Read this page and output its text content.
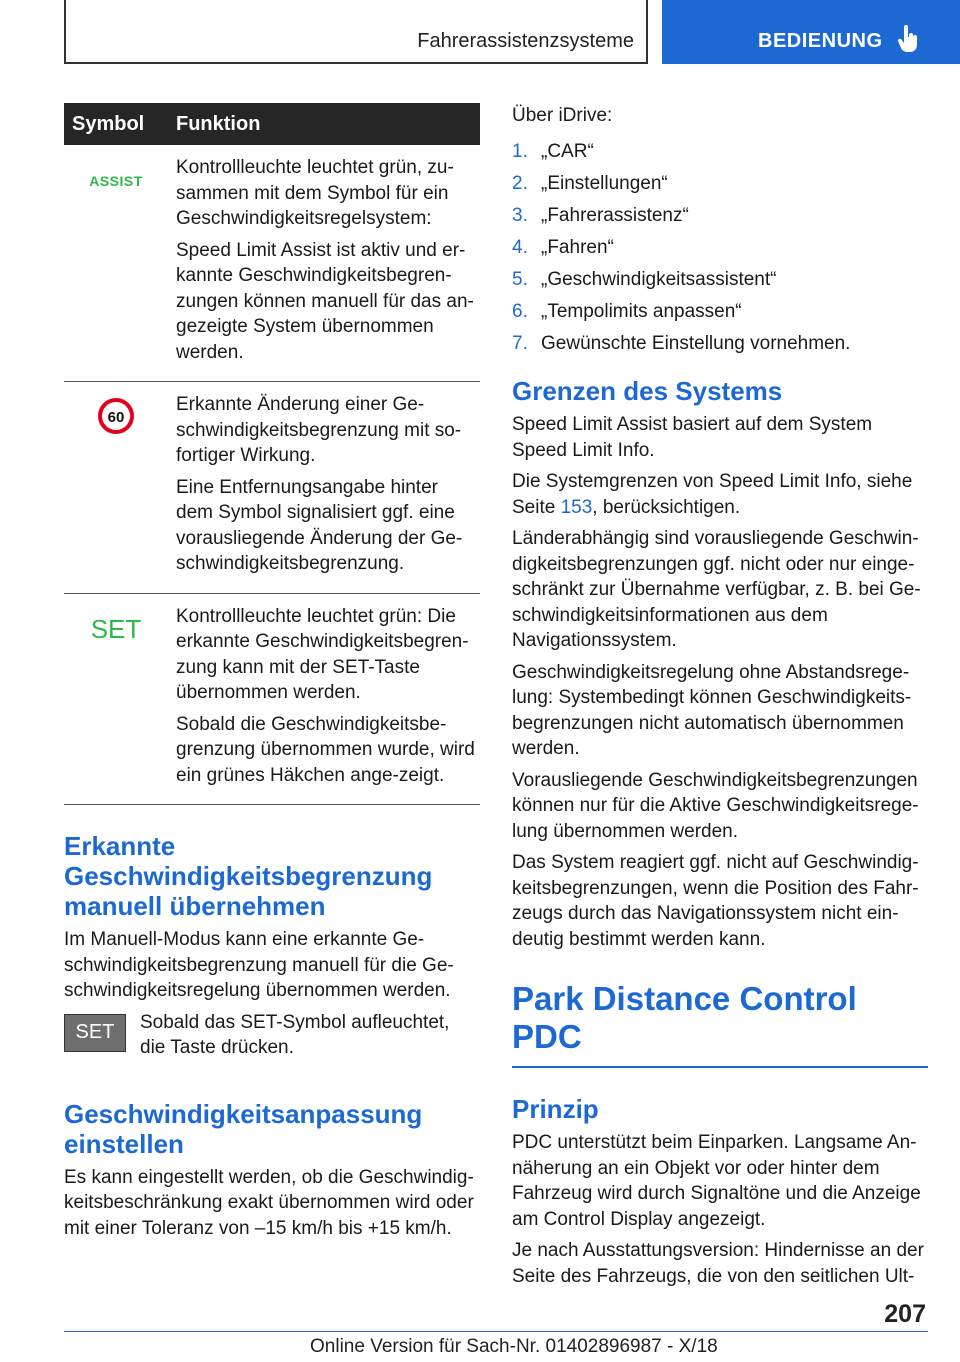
Fahrerassistenzsysteme	BEDIENUNG
Symbol	Funktion
ASSIST	Kontrollleuchte leuchtet grün, zu-sammen mit dem Symbol für ein Geschwindigkeitsregelsystem:

Speed Limit Assist ist aktiv und er-kannte Geschwindigkeitsbegren-zungen können manuell für das an-gezeigte System übernommen werden.

60	Erkannte Änderung einer Ge-schwindigkeitsbegrenzung mit so-fortiger Wirkung.

Eine Entfernungsangabe hinter dem Symbol signalisiert ggf. eine vorausliegende Änderung der Ge-schwindigkeitsbegrenzung.

SET	Kontrollleuchte leuchtet grün: Die erkannte Geschwindigkeitsbegren-zung kann mit der SET-Taste übernommen werden.

Sobald die Geschwindigkeitsbe-grenzung übernommen wurde, wird ein grünes Häkchen ange-zeigt.

Erkannte Geschwindigkeitsbegrenzung manuell übernehmen

Im Manuell-Modus kann eine erkannte Ge-schwindigkeitsbegrenzung manuell für die Ge-schwindigkeitsregelung übernommen werden.

SET	Sobald das SET-Symbol aufleuchtet, die Taste drücken.

Geschwindigkeitsanpassung einstellen

Es kann eingestellt werden, ob die Geschwindig-keitsbeschränkung exakt übernommen wird oder mit einer Toleranz von –15 km/h bis +15 km/h.

Über iDrive:

1. „CAR“
2. „Einstellungen“
3. „Fahrerassistenz“
4. „Fahren“
5. „Geschwindigkeitsassistent“
6. „Tempolimits anpassen“
7. Gewünschte Einstellung vornehmen.
Grenzen des Systems

Speed Limit Assist basiert auf dem System Speed Limit Info.

Die Systemgrenzen von Speed Limit Info, siehe Seite 153, berücksichtigen.

Länderabhängig sind vorausliegende Geschwin-digkeitsbegrenzungen ggf. nicht oder nur einge-schränkt zur Übernahme verfügbar, z. B. bei Ge-schwindigkeitsinformationen aus dem Navigationssystem.

Geschwindigkeitsregelung ohne Abstandsrege-lung: Systembedingt können Geschwindigkeits-begrenzungen nicht automatisch übernommen werden.

Vorausliegende Geschwindigkeitsbegrenzungen können nur für die Aktive Geschwindigkeitsrege-lung übernommen werden.

Das System reagiert ggf. nicht auf Geschwindig-keitsbegrenzungen, wenn die Position des Fahr-zeugs durch das Navigationssystem nicht ein-deutig bestimmt werden kann.

Park Distance Control PDC
Prinzip

PDC unterstützt beim Einparken. Langsame An-näherung an ein Objekt vor oder hinter dem Fahrzeug wird durch Signaltöne und die Anzeige am Control Display angezeigt.

Je nach Ausstattungsversion: Hindernisse an der Seite des Fahrzeugs, die von den seitlichen Ult-

207
Online Version für Sach-Nr. 01402896987 - X/18
